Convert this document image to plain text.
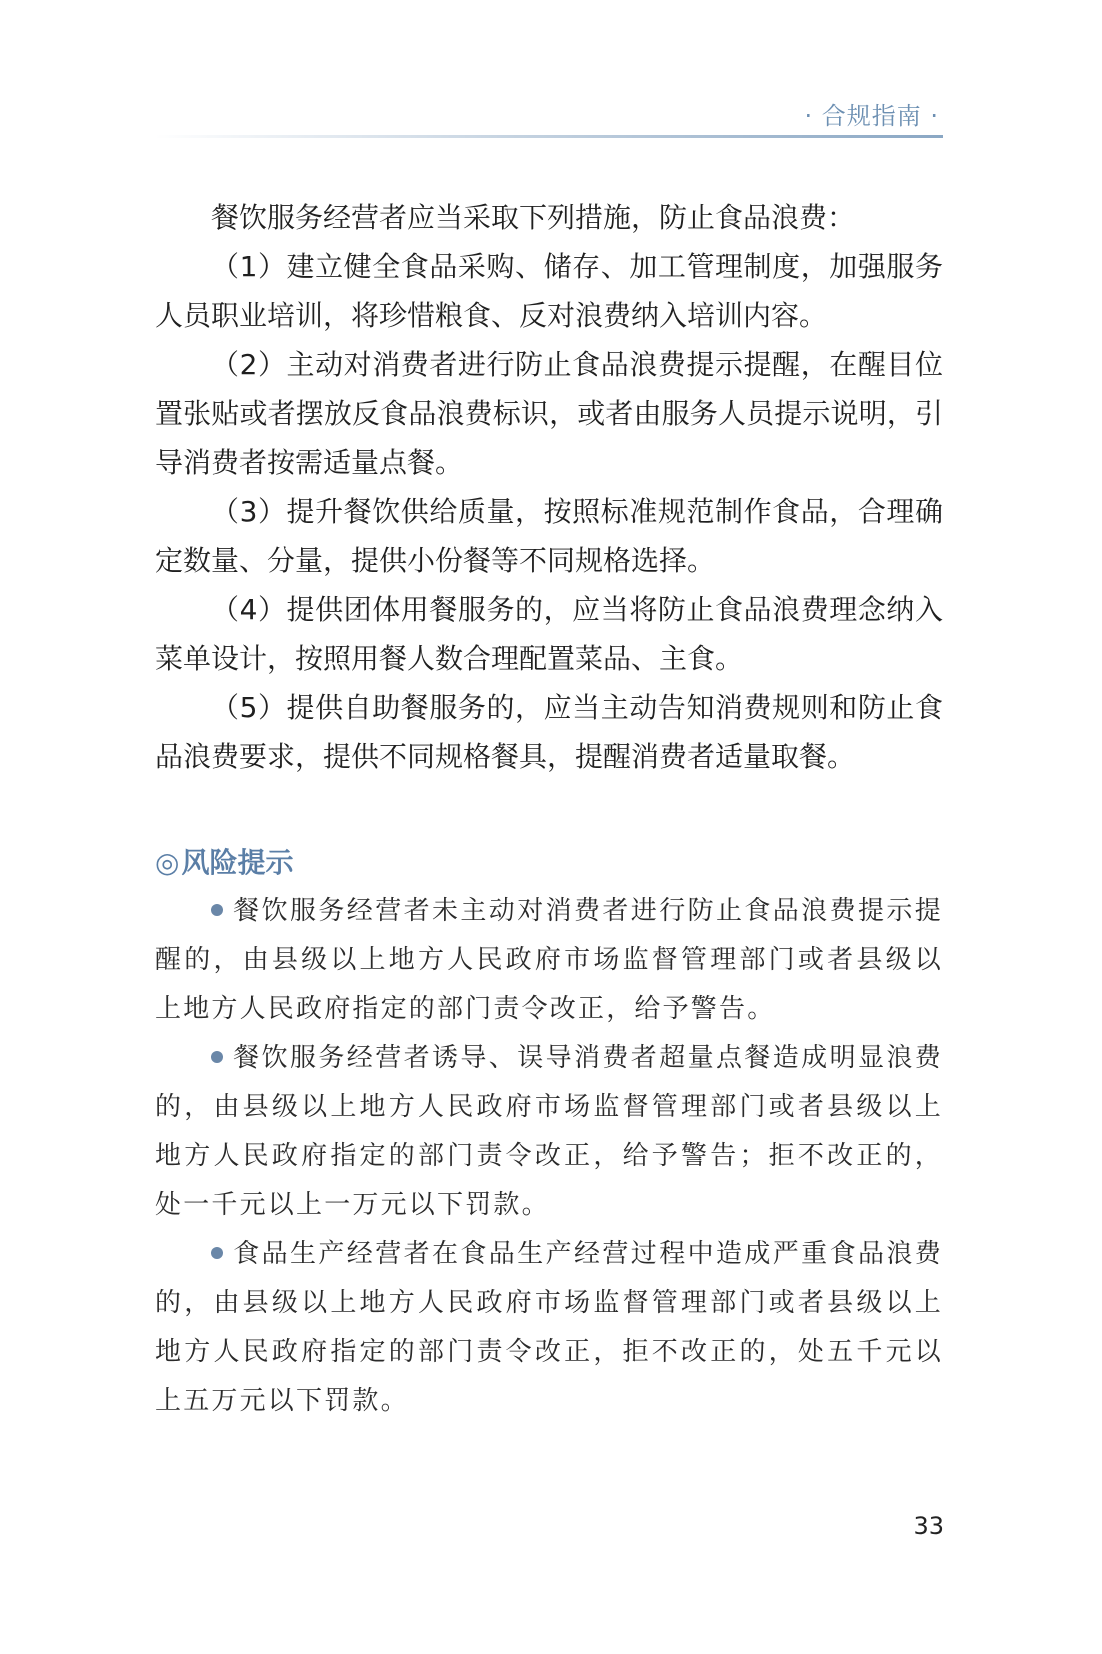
· 合规指南 ·

餐饮服务经营者应当采取下列措施，防止食品浪费：

（1）建立健全食品采购、储存、加工管理制度，加强服务人员职业培训，将珍惜粮食、反对浪费纳入培训内容。

（2）主动对消费者进行防止食品浪费提示提醒，在醒目位置张贴或者摆放反食品浪费标识，或者由服务人员提示说明，引导消费者按需适量点餐。

（3）提升餐饮供给质量，按照标准规范制作食品，合理确定数量、分量，提供小份餐等不同规格选择。

（4）提供团体用餐服务的，应当将防止食品浪费理念纳入菜单设计，按照用餐人数合理配置菜品、主食。

（5）提供自助餐服务的，应当主动告知消费规则和防止食品浪费要求，提供不同规格餐具，提醒消费者适量取餐。

◎风险提示

餐饮服务经营者未主动对消费者进行防止食品浪费提示提醒的，由县级以上地方人民政府市场监督管理部门或者县级以上地方人民政府指定的部门责令改正，给予警告。

餐饮服务经营者诱导、误导消费者超量点餐造成明显浪费的，由县级以上地方人民政府市场监督管理部门或者县级以上地方人民政府指定的部门责令改正，给予警告；拒不改正的，处一千元以上一万元以下罚款。

食品生产经营者在食品生产经营过程中造成严重食品浪费的，由县级以上地方人民政府市场监督管理部门或者县级以上地方人民政府指定的部门责令改正，拒不改正的，处五千元以上五万元以下罚款。

33
